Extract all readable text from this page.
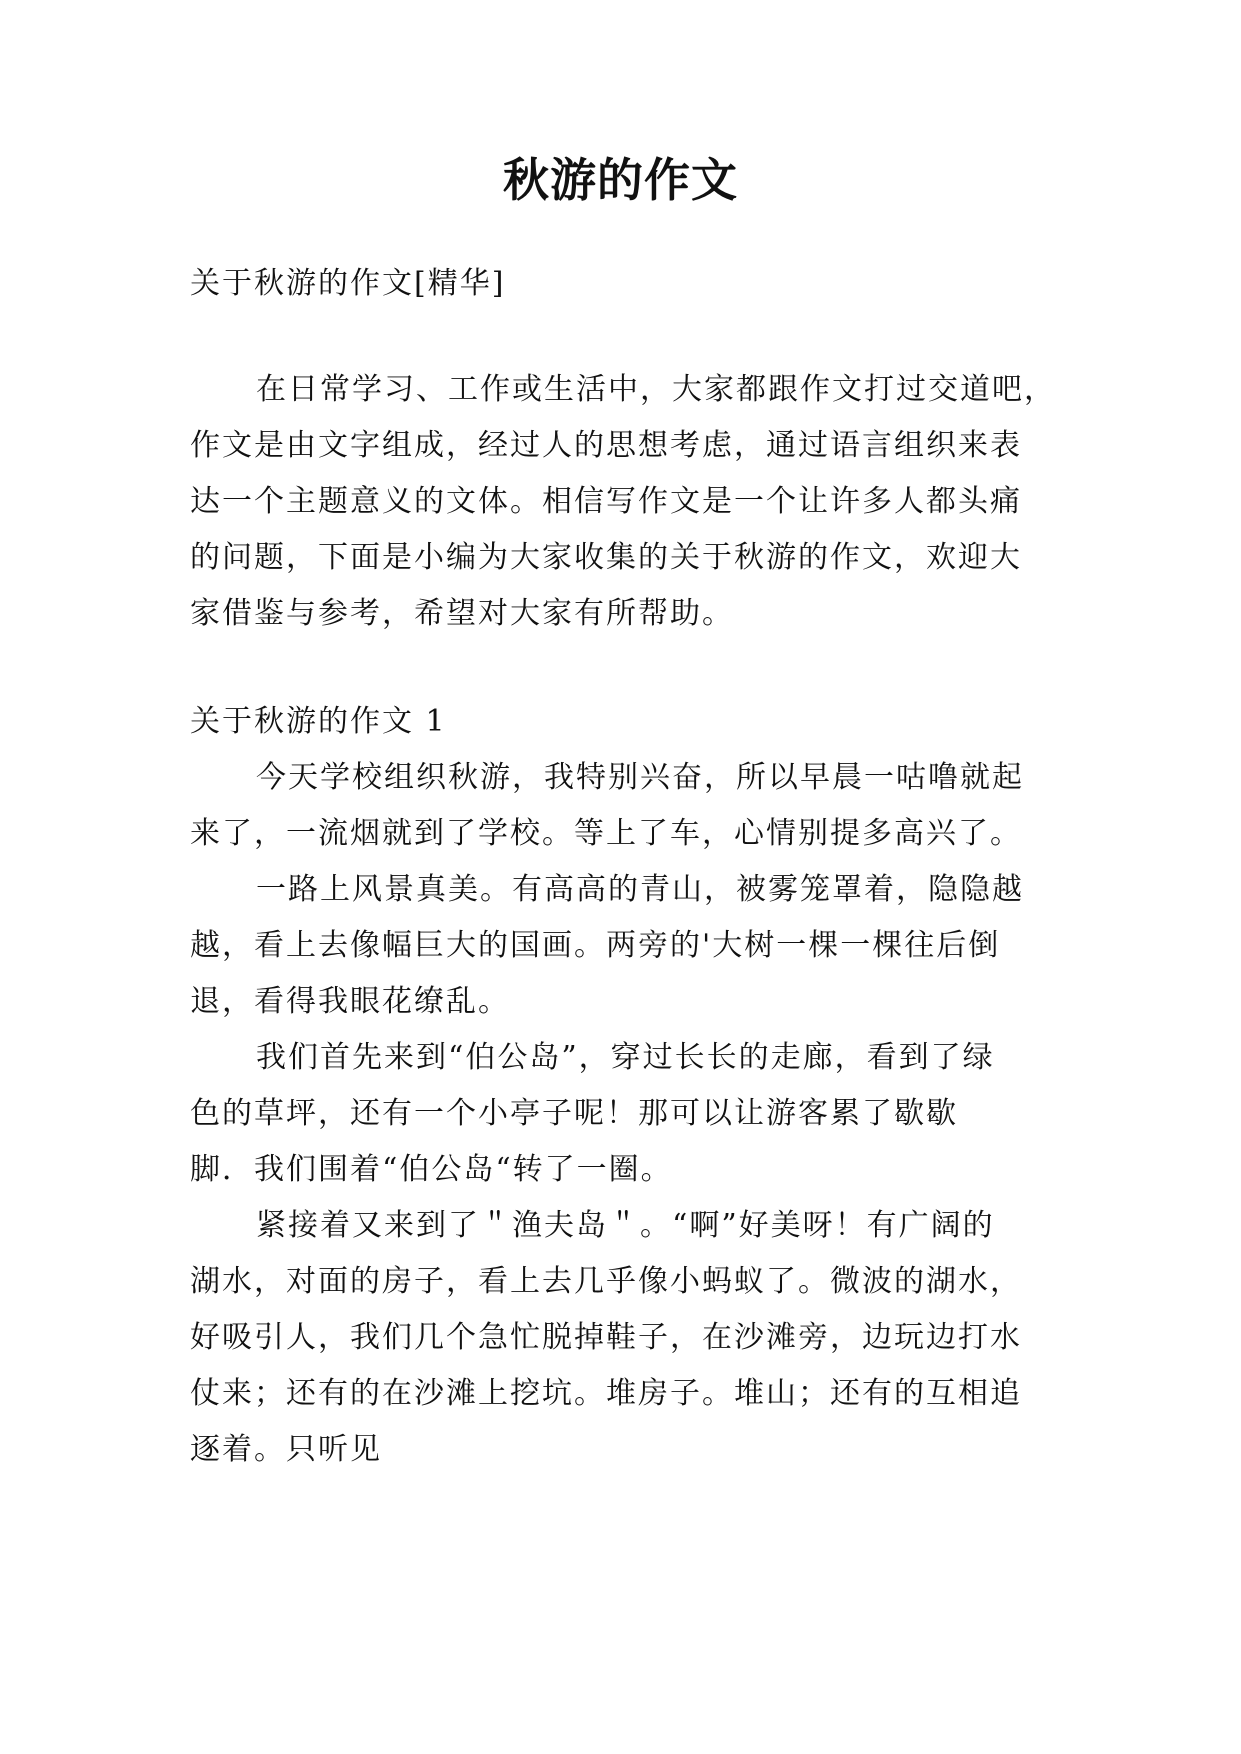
秋游的作文
关于秋游的作文[精华]
在日常学习、工作或生活中，大家都跟作文打过交道吧，
作文是由文字组成，经过人的思想考虑，通过语言组织来表
达一个主题意义的文体。相信写作文是一个让许多人都头痛
的问题，下面是小编为大家收集的关于秋游的作文，欢迎大
家借鉴与参考，希望对大家有所帮助。
关于秋游的作文 1
今天学校组织秋游，我特别兴奋，所以早晨一咕噜就起
来了，一流烟就到了学校。等上了车，心情别提多高兴了。
一路上风景真美。有高高的青山，被雾笼罩着，隐隐越
越，看上去像幅巨大的国画。两旁的'大树一棵一棵往后倒
退，看得我眼花缭乱。
我们首先来到“伯公岛”，穿过长长的走廊，看到了绿
色的草坪，还有一个小亭子呢！那可以让游客累了歇歇
脚．我们围着“伯公岛“转了一圈。
紧接着又来到了＂渔夫岛＂。“啊”好美呀！有广阔的
湖水，对面的房子，看上去几乎像小蚂蚁了。微波的湖水，
好吸引人，我们几个急忙脱掉鞋子，在沙滩旁，边玩边打水
仗来；还有的在沙滩上挖坑。堆房子。堆山；还有的互相追
逐着。只听见
